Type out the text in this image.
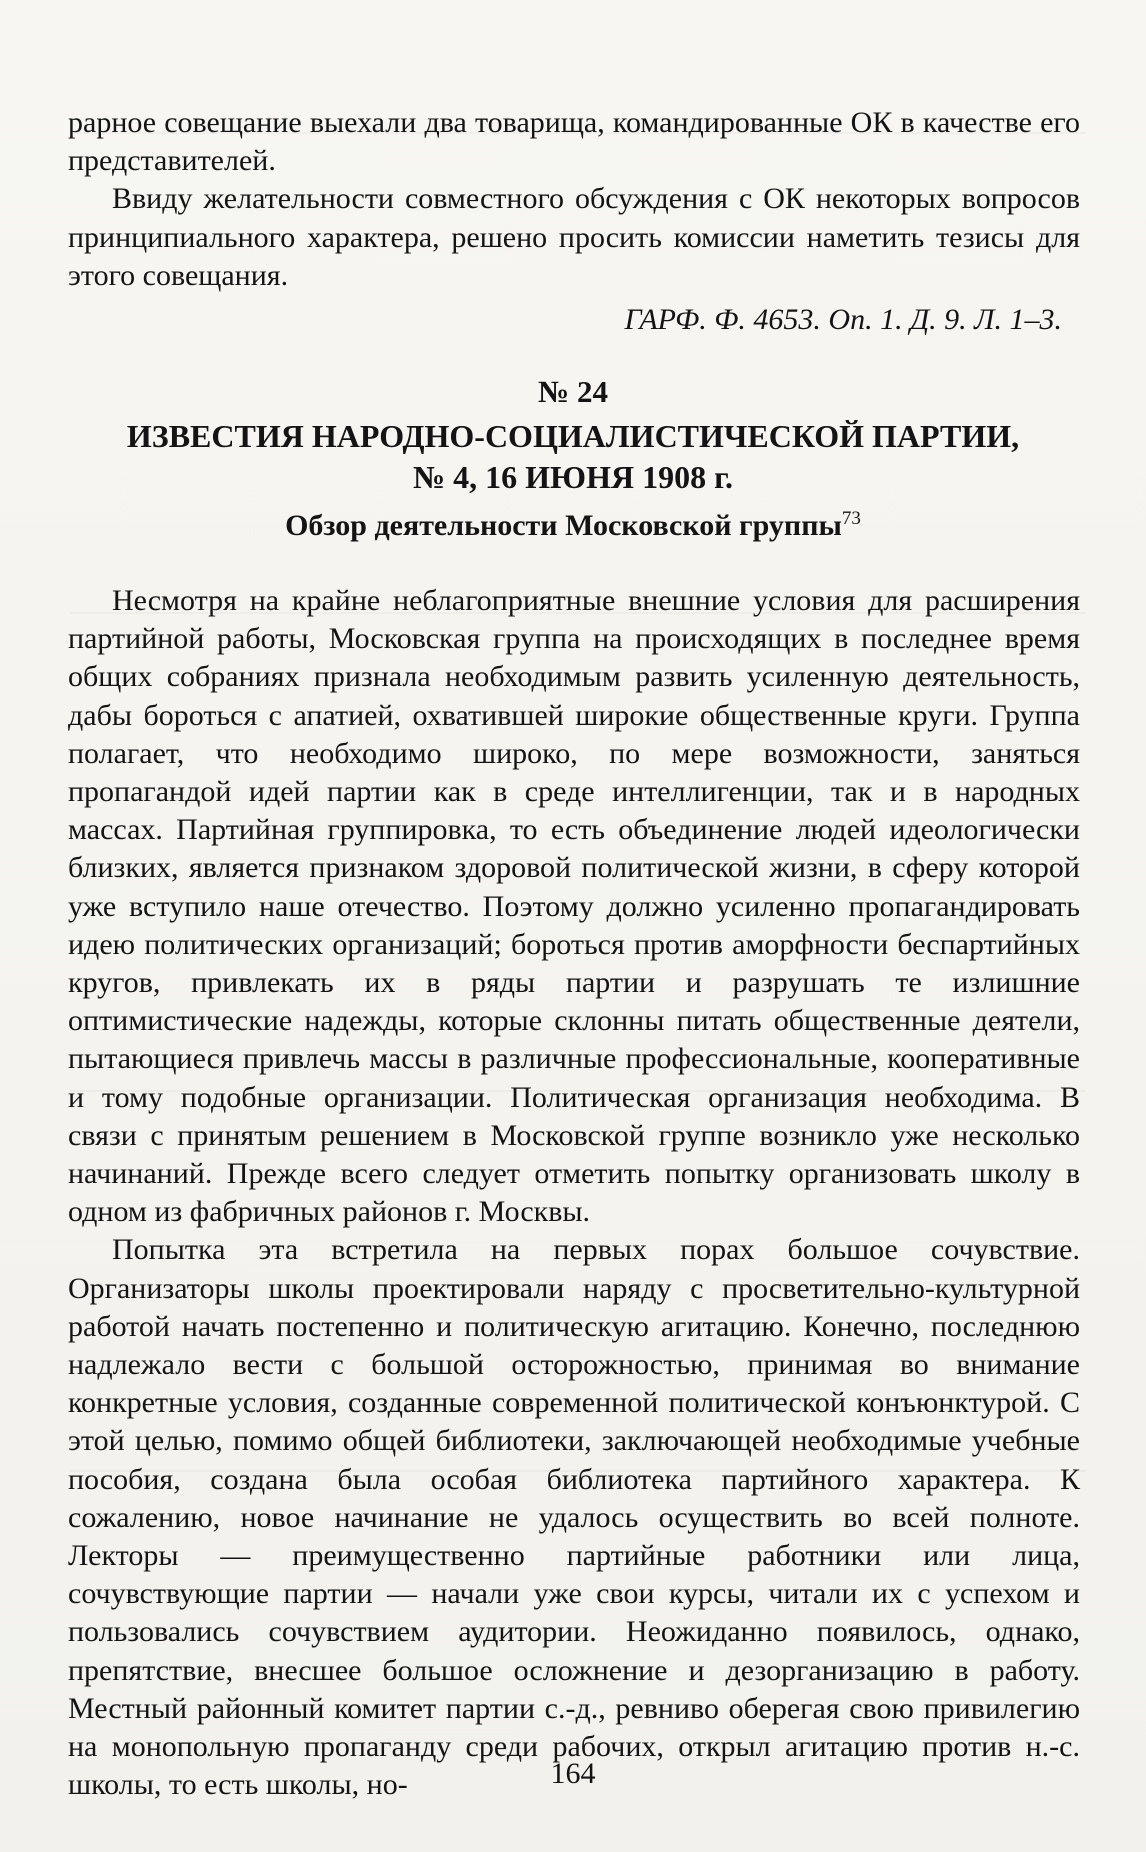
рарное совещание выехали два товарища, командированные ОК в качестве его представителей.

Ввиду желательности совместного обсуждения с ОК некоторых вопросов принципиального характера, решено просить комиссии наметить тезисы для этого совещания.

ГАРФ. Ф. 4653. Оп. 1. Д. 9. Л. 1–3.
№ 24
ИЗВЕСТИЯ НАРОДНО-СОЦИАЛИСТИЧЕСКОЙ ПАРТИИ,
№ 4, 16 ИЮНЯ 1908 г.
Обзор деятельности Московской группы$^{73}$

Несмотря на крайне неблагоприятные внешние условия для расширения партийной работы, Московская группа на происходящих в последнее время общих собраниях признала необходимым развить усиленную деятельность, дабы бороться с апатией, охватившей широкие общественные круги. Группа полагает, что необходимо широко, по мере возможности, заняться пропагандой идей партии как в среде интеллигенции, так и в народных массах. Партийная группировка, то есть объединение людей идеологически близких, является признаком здоровой политической жизни, в сферу которой уже вступило наше отечество. Поэтому должно усиленно пропагандировать идею политических организаций; бороться против аморфности беспартийных кругов, привлекать их в ряды партии и разрушать те излишние оптимистические надежды, которые склонны питать общественные деятели, пытающиеся привлечь массы в различные профессиональные, кооперативные и тому подобные организации. Политическая организация необходима. В связи с принятым решением в Московской группе возникло уже несколько начинаний. Прежде всего следует отметить попытку организовать школу в одном из фабричных районов г. Москвы.

Попытка эта встретила на первых порах большое сочувствие. Организаторы школы проектировали наряду с просветительно-культурной работой начать постепенно и политическую агитацию. Конечно, последнюю надлежало вести с большой осторожностью, принимая во внимание конкретные условия, созданные современной политической конъюнктурой. С этой целью, помимо общей библиотеки, заключающей необходимые учебные пособия, создана была особая библиотека партийного характера. К сожалению, новое начинание не удалось осуществить во всей полноте. Лекторы — преимущественно партийные работники или лица, сочувствующие партии — начали уже свои курсы, читали их с успехом и пользовались сочувствием аудитории. Неожиданно появилось, однако, препятствие, внесшее большое осложнение и дезорганизацию в работу. Местный районный комитет партии с.-д., ревниво оберегая свою привилегию на монопольную пропаганду среди рабочих, открыл агитацию против н.-с. школы, то есть школы, но-	164
